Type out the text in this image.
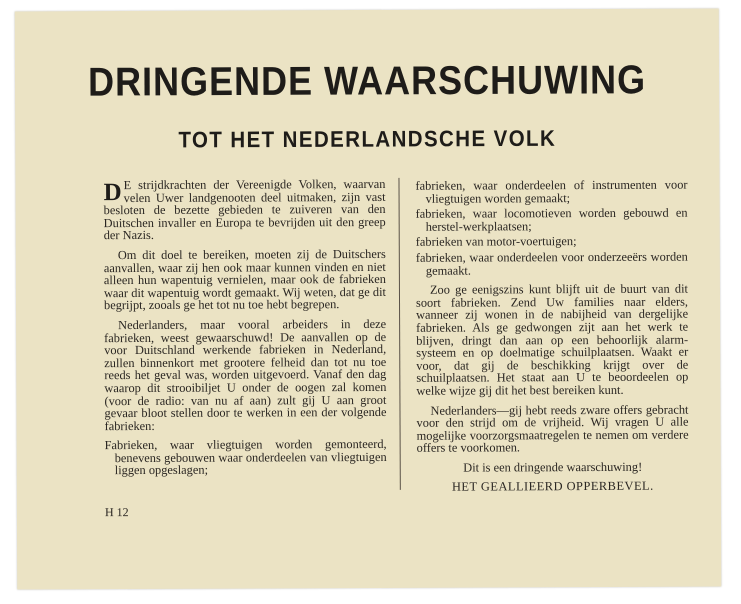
DRINGENDE WAARSCHUWING
TOT HET NEDERLANDSCHE VOLK

D E strijdkrachten der Vereenigde Volken, waarvan velen Uwer landgenooten deel uitmaken, zijn vast besloten de bezette gebieden te zuiveren van den Duitschen invaller en Europa te bevrijden uit den greep der Nazis.

Om dit doel te bereiken, moeten zij de Duitschers aanvallen, waar zij hen ook maar kunnen vinden en niet alleen hun wapentuig vernielen, maar ook de fabrieken waar dit wapentuig wordt gemaakt. Wij weten, dat ge dit begrijpt, zooals ge het tot nu toe hebt begrepen.

Nederlanders, maar vooral arbeiders in deze fabrieken, weest gewaarschuwd! De aanvallen op de voor Duitschland werkende fabrieken in Nederland, zullen binnenkort met grootere felheid dan tot nu toe reeds het geval was, worden uitgevoerd. Vanaf den dag waarop dit strooibiljet U onder de oogen zal komen (voor de radio: van nu af aan) zult gij U aan groot gevaar bloot stellen door te werken in een der volgende fabrieken:

Fabrieken, waar vliegtuigen worden gemonteerd, benevens gebouwen waar onderdeelen van vliegtuigen liggen opgeslagen;

fabrieken, waar onderdeelen of instrumenten voor vliegtuigen worden gemaakt;

fabrieken, waar locomotieven worden gebouwd en herstel-werkplaatsen;

fabrieken van motor-voertuigen;

fabrieken, waar onderdeelen voor onderzeeërs worden gemaakt.

Zoo ge eenigszins kunt blijft uit de buurt van dit soort fabrieken. Zend Uw families naar elders, wanneer zij wonen in de nabijheid van dergelijke fabrieken. Als ge gedwongen zijt aan het werk te blijven, dringt dan aan op een behoorlijk alarm-systeem en op doelmatige schuilplaatsen. Waakt er voor, dat gij de beschikking krijgt over de schuilplaatsen. Het staat aan U te beoordeelen op welke wijze gij dit het best bereiken kunt.

Nederlanders—gij hebt reeds zware offers gebracht voor den strijd om de vrijheid. Wij vragen U alle mogelijke voorzorgsmaatregelen te nemen om verdere offers te voorkomen.

Dit is een dringende waarschuwing!

HET GEALLIEERD OPPERBEVEL.

H 12
